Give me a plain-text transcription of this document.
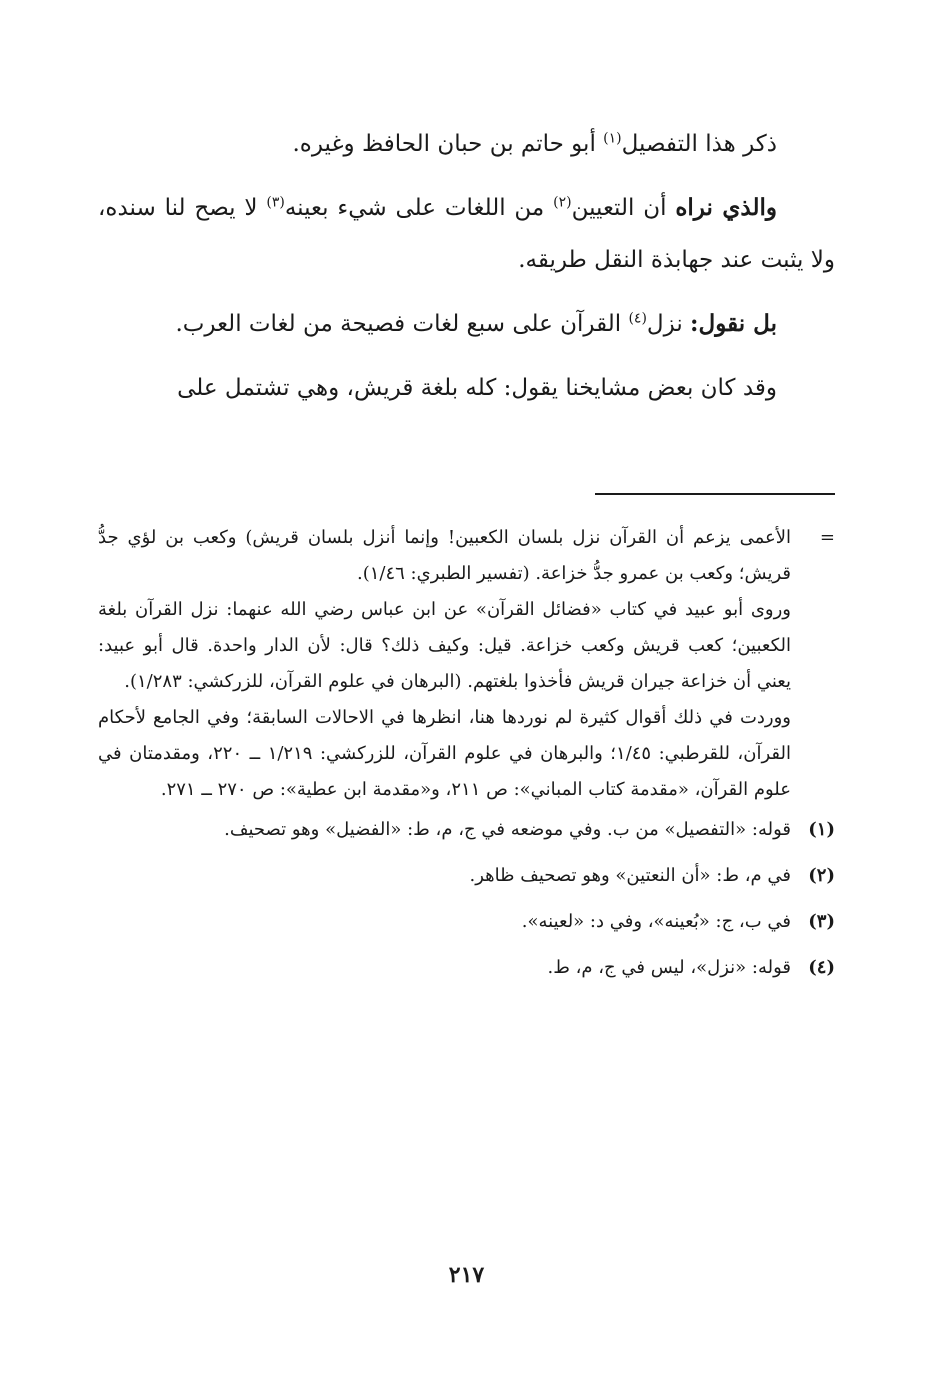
ذكر هذا التفصيل$^{(١)}$ أبو حاتم بن حبان الحافظ وغيره.

والذي نراه أن التعيين$^{(٢)}$ من اللغات على شيء بعينه$^{(٣)}$ لا يصح لنا سنده، ولا يثبت عند جهابذة النقل طريقه.

بل نقول: نزل$^{(٤)}$ القرآن على سبع لغات فصيحة من لغات العرب.

وقد كان بعض مشايخنا يقول: كله بلغة قريش، وهي تشتمل على

=

الأعمى يزعم أن القرآن نزل بلسان الكعبين! وإنما أنزل بلسان قريش) وكعب بن لؤي جدُّ قريش؛ وكعب بن عمرو جدُّ خزاعة. (تفسير الطبري: ١/٤٦).

وروى أبو عبيد في كتاب «فضائل القرآن» عن ابن عباس رضي الله عنهما: نزل القرآن بلغة الكعبين؛ كعب قريش وكعب خزاعة. قيل: وكيف ذلك؟ قال: لأن الدار واحدة. قال أبو عبيد: يعني أن خزاعة جيران قريش فأخذوا بلغتهم. (البرهان في علوم القرآن، للزركشي: ١/٢٨٣).

ووردت في ذلك أقوال كثيرة لم نوردها هنا، انظرها في الاحالات السابقة؛ وفي الجامع لأحكام القرآن، للقرطبي: ١/٤٥؛ والبرهان في علوم القرآن، للزركشي: ١/٢١٩ ــ ٢٢٠، ومقدمتان في علوم القرآن، «مقدمة كتاب المباني»: ص ٢١١، و«مقدمة ابن عطية»: ص ٢٧٠ ــ ٢٧١.

(١)
قوله: «التفصيل» من ب. وفي موضعه في ج، م، ط: «الفضيل» وهو تصحيف.
(٢)
في م، ط: «أن النعتين» وهو تصحيف ظاهر.
(٣)
في ب، ج: «بُعينه»، وفي د: «لعينه».
(٤)
قوله: «نزل»، ليس في ج، م، ط.
٢١٧
